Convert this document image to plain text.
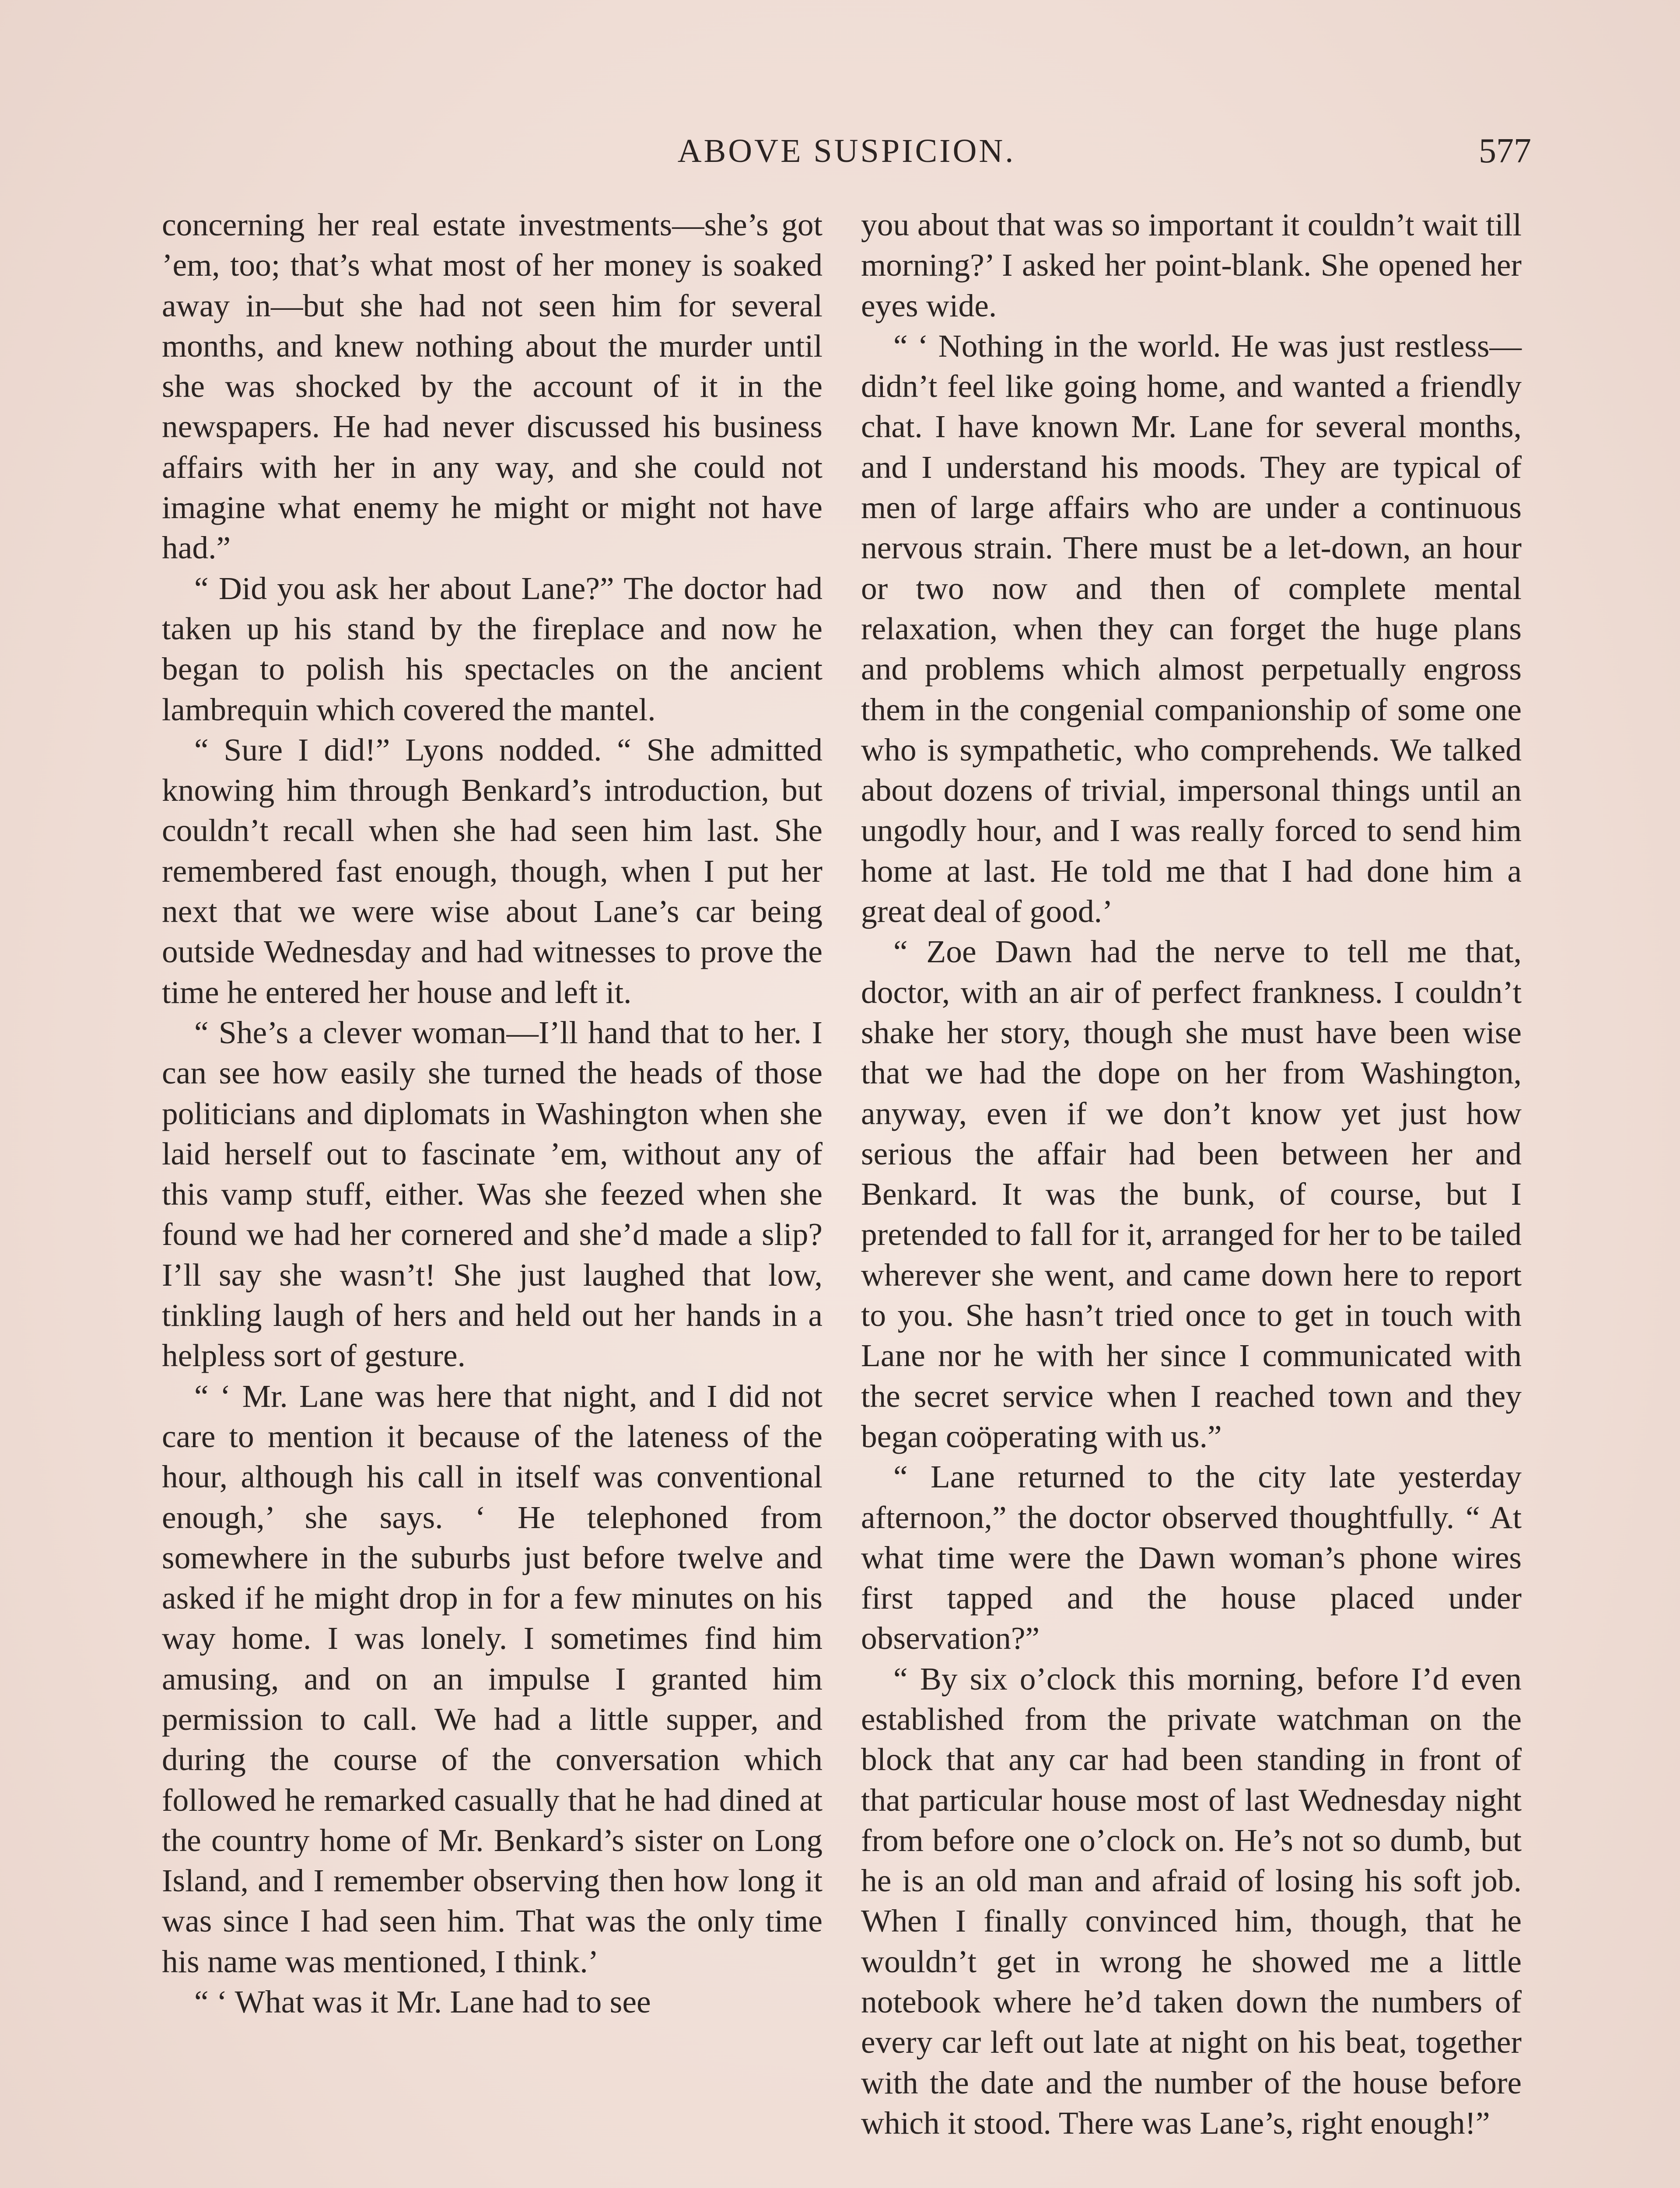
ABOVE SUSPICION.	577

concerning her real estate investments—she’s got ’em, too; that’s what most of her money is soaked away in—but she had not seen him for several months, and knew nothing about the murder until she was shocked by the account of it in the newspapers. He had never discussed his business affairs with her in any way, and she could not imagine what enemy he might or might not have had.”

“ Did you ask her about Lane?” The doctor had taken up his stand by the fireplace and now he began to polish his spectacles on the ancient lambrequin which covered the mantel.

“ Sure I did!” Lyons nodded. “ She admitted knowing him through Benkard’s introduction, but couldn’t recall when she had seen him last. She remembered fast enough, though, when I put her next that we were wise about Lane’s car being outside Wednesday and had witnesses to prove the time he entered her house and left it.

“ She’s a clever woman—I’ll hand that to her. I can see how easily she turned the heads of those politicians and diplomats in Washington when she laid herself out to fascinate ’em, without any of this vamp stuff, either. Was she feezed when she found we had her cornered and she’d made a slip? I’ll say she wasn’t! She just laughed that low, tinkling laugh of hers and held out her hands in a helpless sort of gesture.

“ ‘ Mr. Lane was here that night, and I did not care to mention it because of the lateness of the hour, although his call in itself was conventional enough,’ she says. ‘ He telephoned from somewhere in the suburbs just before twelve and asked if he might drop in for a few minutes on his way home. I was lonely. I sometimes find him amusing, and on an impulse I granted him permission to call. We had a little supper, and during the course of the conversation which followed he remarked casually that he had dined at the country home of Mr. Benkard’s sister on Long Island, and I remember observing then how long it was since I had seen him. That was the only time his name was mentioned, I think.’

“ ‘ What was it Mr. Lane had to see

you about that was so important it couldn’t wait till morning?’ I asked her point-blank. She opened her eyes wide.

“ ‘ Nothing in the world. He was just restless—didn’t feel like going home, and wanted a friendly chat. I have known Mr. Lane for several months, and I understand his moods. They are typical of men of large affairs who are under a continuous nervous strain. There must be a let-down, an hour or two now and then of complete mental relaxation, when they can forget the huge plans and problems which almost perpetually engross them in the congenial companionship of some one who is sympathetic, who comprehends. We talked about dozens of trivial, impersonal things until an ungodly hour, and I was really forced to send him home at last. He told me that I had done him a great deal of good.’

“ Zoe Dawn had the nerve to tell me that, doctor, with an air of perfect frankness. I couldn’t shake her story, though she must have been wise that we had the dope on her from Washington, anyway, even if we don’t know yet just how serious the affair had been between her and Benkard. It was the bunk, of course, but I pretended to fall for it, arranged for her to be tailed wherever she went, and came down here to report to you. She hasn’t tried once to get in touch with Lane nor he with her since I communicated with the secret service when I reached town and they began coöperating with us.”

“ Lane returned to the city late yesterday afternoon,” the doctor observed thoughtfully. “ At what time were the Dawn woman’s phone wires first tapped and the house placed under observation?”

“ By six o’clock this morning, before I’d even established from the private watchman on the block that any car had been standing in front of that particular house most of last Wednesday night from before one o’clock on. He’s not so dumb, but he is an old man and afraid of losing his soft job. When I finally convinced him, though, that he wouldn’t get in wrong he showed me a little notebook where he’d taken down the numbers of every car left out late at night on his beat, together with the date and the number of the house before which it stood. There was Lane’s, right enough!”
